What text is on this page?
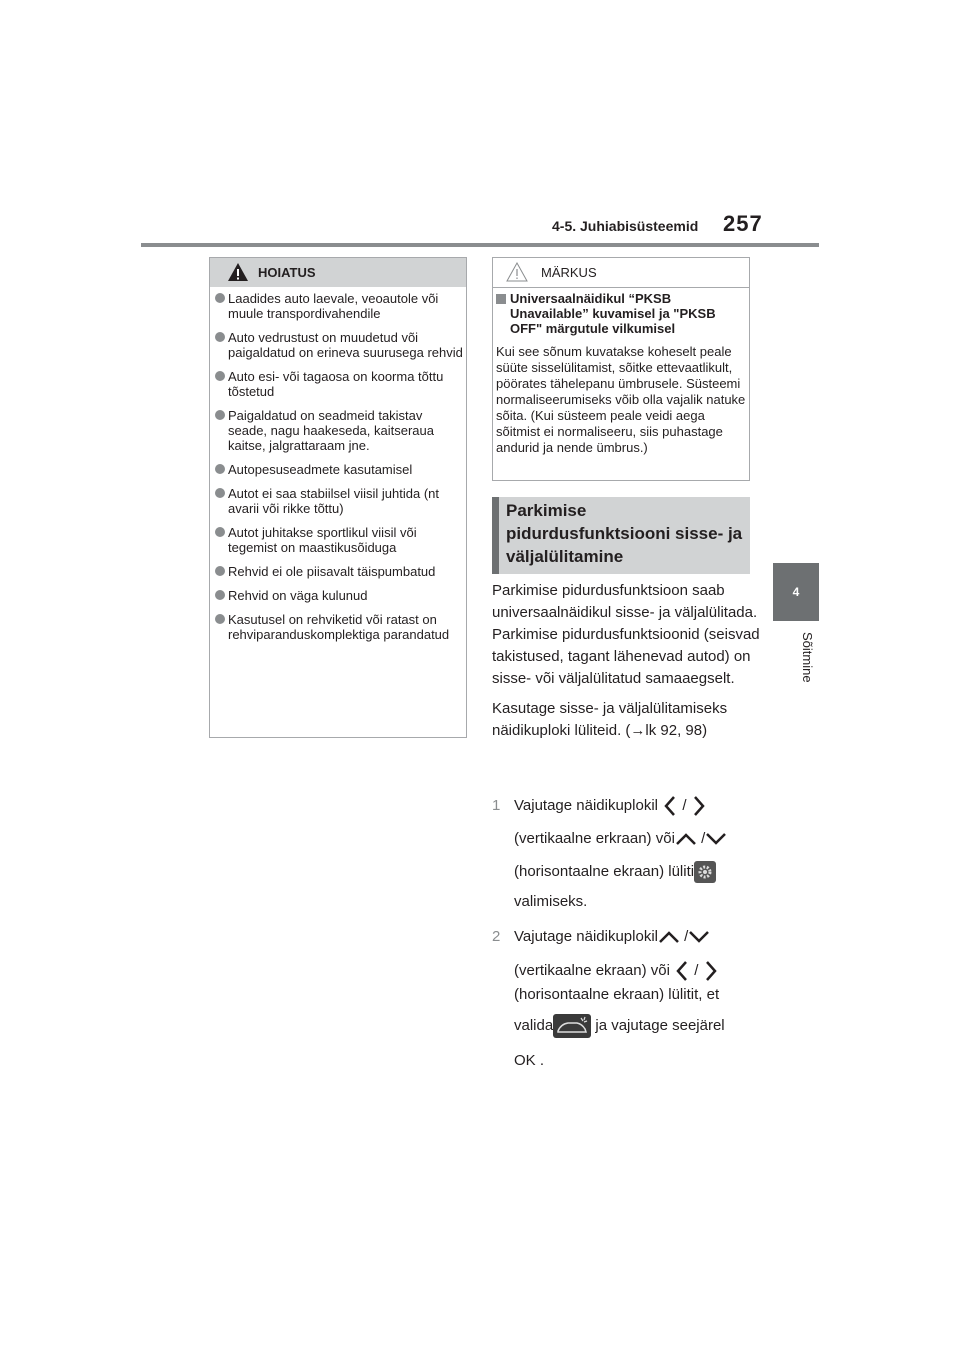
4-5. Juhiabisüsteemid 257
4
Sõitmine
HOIATUS
Laadides auto laevale, veoautole või muule transpordivahendile
Auto vedrustust on muudetud või paigaldatud on erineva suurusega rehvid
Auto esi- või tagaosa on koorma tõttu tõstetud
Paigaldatud on seadmeid takistav seade, nagu haakeseda, kaitseraua kaitse, jalgrattaraam jne.
Autopesuseadmete kasutamisel
Autot ei saa stabiilsel viisil juhtida (nt avarii või rikke tõttu)
Autot juhitakse sportlikul viisil või tegemist on maastikusõiduga
Rehvid ei ole piisavalt täispumbatud
Rehvid on väga kulunud
Kasutusel on rehviketid või ratast on rehviparanduskomplektiga parandatud
MÄRKUS
Universaalnäidikul “PKSB Unavailable” kuvamisel ja "PKSB OFF" märgutule vilkumisel
Kui see sõnum kuvatakse koheselt peale süüte sisselülitamist, sõitke ettevaatlikult, pöörates tähelepanu ümbrusele. Süsteemi normaliseerumiseks võib olla vajalik natuke sõita. (Kui süsteem peale veidi aega sõitmist ei normaliseeru, siis puhastage andurid ja nende ümbrus.)
Parkimise pidurdusfunktsiooni sisse- ja väljalülitamine

Parkimise pidurdusfunktsioon saab universaalnäidikul sisse- ja väljalülitada. Parkimise pidurdusfunktsioonid (seisvad takistused, tagant lähenevad autod) on sisse- või väljalülitatud samaaegselt.

Kasutage sisse- ja väljalülitamiseks näidikuploki lüliteid. (→lk 92, 98)

1 Vajutage näidikuplokil /
(vertikaalne erkraan) või /
(horisontaalne ekraan) lüliti
valimiseks.
2 Vajutage näidikuplokil /
(vertikaalne ekraan) või /
(horisontaalne ekraan) lülitit, et
valida	ja vajutage seejärel
OK .
